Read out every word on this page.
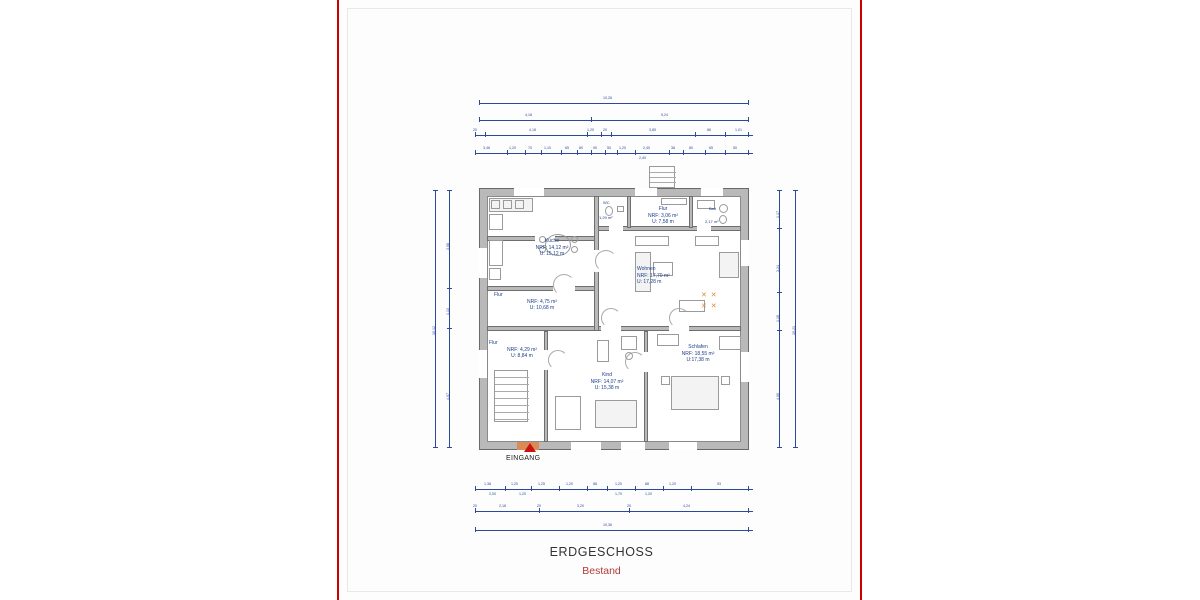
EINGANG
✕  ✕
✕  ✕
Küche
NRF: 14,12 m²
U: 15,12 m
Flur
NRF: 4,75 m²
U: 10,68 m
WC
1,29 m²
Flur
NRF: 3,06 m²
U: 7,58 m
Bad
2,17 m²
Wohnen
NRF: 17,70 m²
U: 17,28 m
Flur
NRF: 4,29 m²
U: 8,84 m
Kind
NRF: 14,07 m²
U: 15,38 m
Schlafen
NRF: 18,55 m²
U:17,38 m
10,26
4,18	5,24
20	4,18	1,20	20	3,85	86	1,01
3,46	1,20	70	1,10	65	80	90	50 1,20	2,40	38	80	65	50
2,40
10,12
3,08
1,13
4,07
1,17
3,24
1,15
4,00
10,21
1,38	1,20	1,25	1,20	88	1,20	88	1,20	93
2,00	1,20	1,70	1,20
2,18	3,20	4,24
20	20	20
10,36
ERDGESCHOSS
Bestand
